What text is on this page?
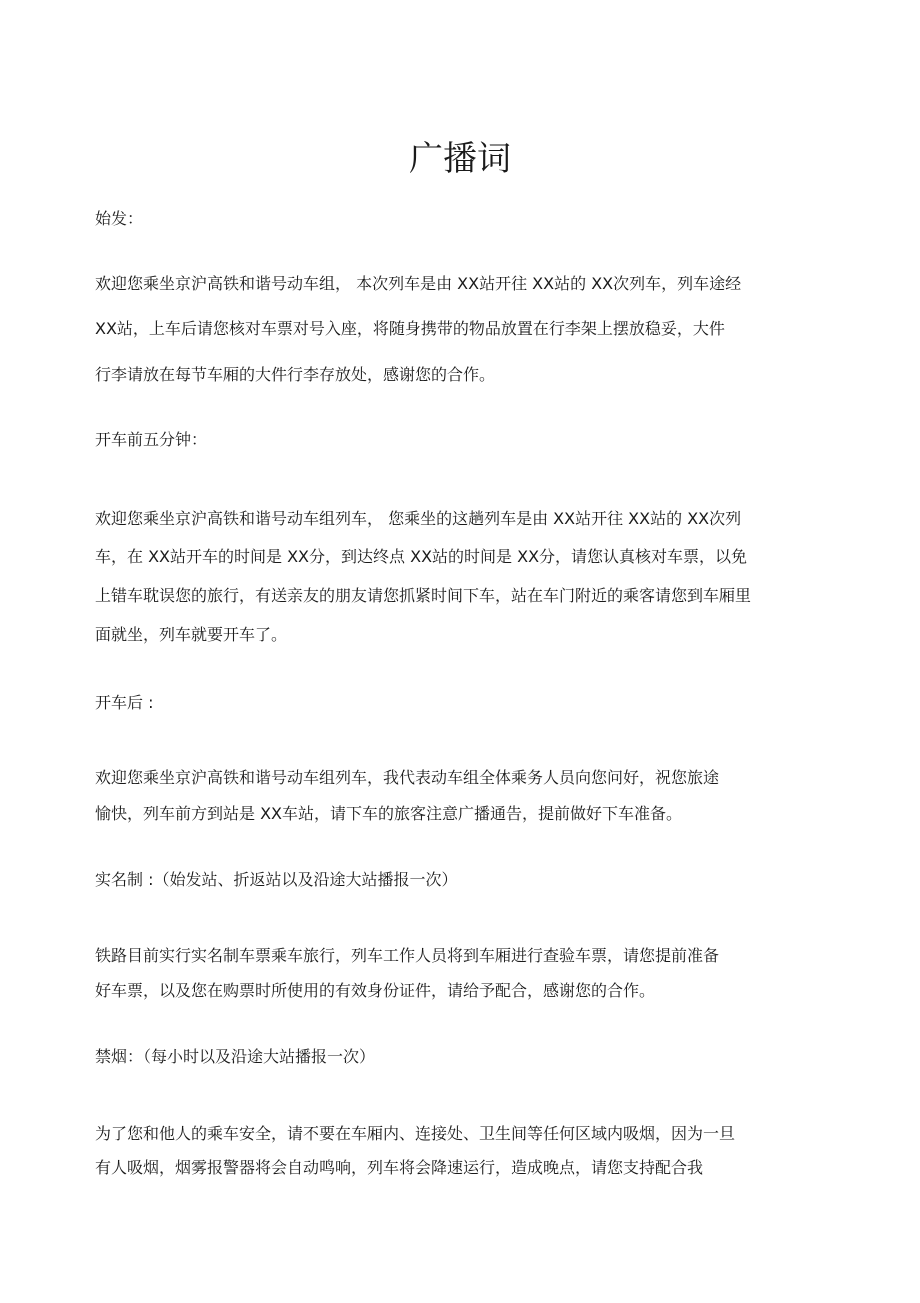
广播词

始发：

欢迎您乘坐京沪高铁和谐号动车组， 本次列车是由 XX站开往 XX站的 XX次列车，列车途经

XX站，上车后请您核对车票对号入座，将随身携带的物品放置在行李架上摆放稳妥，大件

行李请放在每节车厢的大件行李存放处，感谢您的合作。

开车前五分钟：

欢迎您乘坐京沪高铁和谐号动车组列车， 您乘坐的这趟列车是由 XX站开往 XX站的 XX次列

车，在 XX站开车的时间是 XX分，到达终点 XX站的时间是 XX分，请您认真核对车票，以免

上错车耽误您的旅行，有送亲友的朋友请您抓紧时间下车，站在车门附近的乘客请您到车厢里

面就坐，列车就要开车了。

开车后 :

欢迎您乘坐京沪高铁和谐号动车组列车，我代表动车组全体乘务人员向您问好，祝您旅途

愉快，列车前方到站是 XX车站，请下车的旅客注意广播通告，提前做好下车准备。

实名制 :（始发站、折返站以及沿途大站播报一次）

铁路目前实行实名制车票乘车旅行，列车工作人员将到车厢进行查验车票，请您提前准备

好车票，以及您在购票时所使用的有效身份证件，请给予配合，感谢您的合作。

禁烟：（每小时以及沿途大站播报一次）

为了您和他人的乘车安全，请不要在车厢内、连接处、卫生间等任何区域内吸烟，因为一旦

有人吸烟，烟雾报警器将会自动鸣响，列车将会降速运行，造成晚点，请您支持配合我
